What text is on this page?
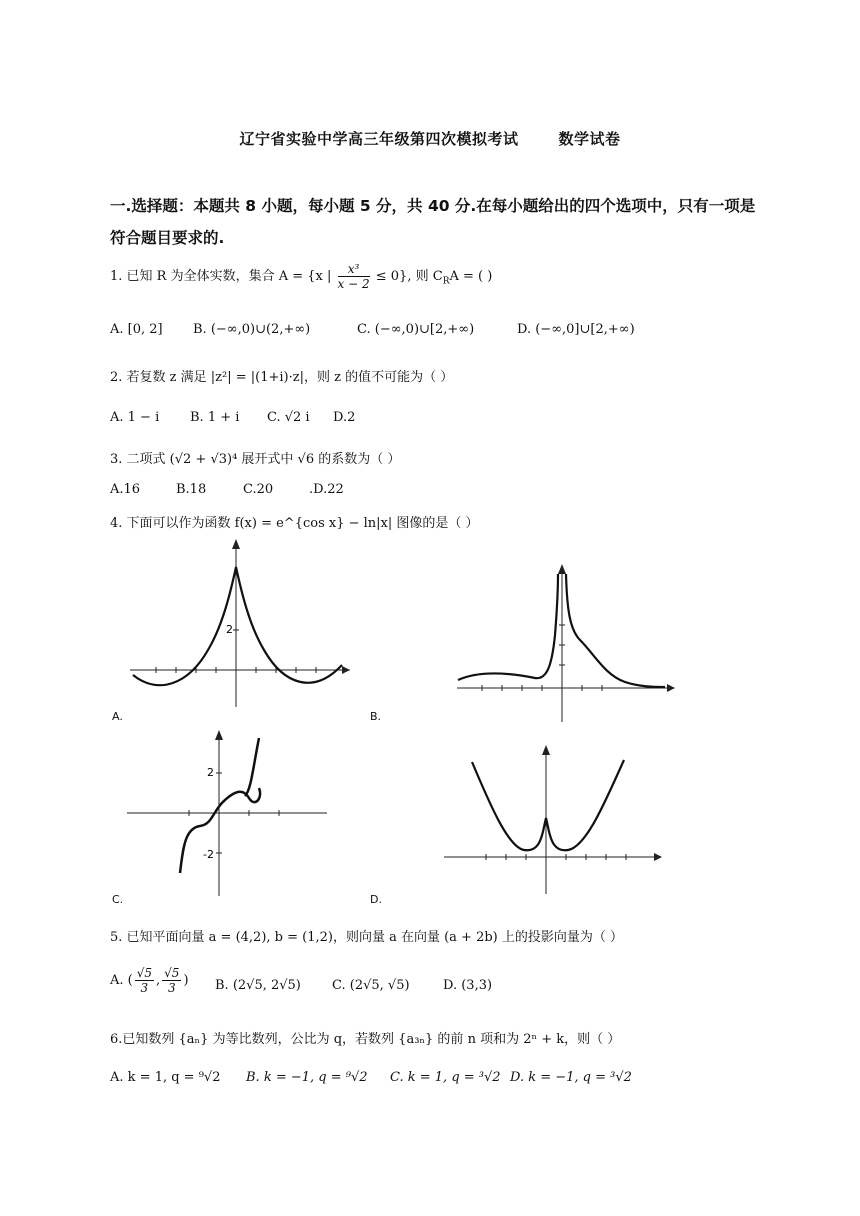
辽宁省实验中学高三年级第四次模拟考试	数学试卷
一.选择题：本题共 8 小题，每小题 5 分，共 40 分.在每小题给出的四个选项中，只有一项是符合题目要求的.
1. 已知 R 为全体实数，集合 A = {x | $\frac{\text{x³}}{x - 2} \le 0$}, 则 $C_RA$ = ( )
A. [0, 2] B. (−∞,0)∪(2,+∞)	C. (−∞,0)∪[2,+∞)	D. (−∞,0]∪[2,+∞)
2. 若复数 z 满足 |z²| = |(1+i)·z|，则 z 的值不可能为（ ）
A. 1 − i B. 1 + i C. √2 i D.2
3. 二项式 (√2 + √3)⁴ 展开式中 √6 的系数为（ ）
A.16	B.18	C.20	.D.22
4. 下面可以作为函数 f(x) = e^{cos x} − ln|x| 图像的是（ ）
2
A.	B.
2
-2
C.	D.
5. 已知平面向量 a = (4,2), b = (1,2)，则向量 a 在向量 (a + 2b) 上的投影向量为（ ）
A. ( $\frac{√5}{3}$ , $\frac{√5}{3}$ ) B. (2√5, 2√5) C. (2√5, √5)	D. (3,3)
6.已知数列 {aₙ} 为等比数列，公比为 q，若数列 {a₃ₙ} 的前 n 项和为 2ⁿ + k，则（ ）
A. k = 1, q = ⁹√2 B. k = −1, q = ⁹√2 C. k = 1, q = ³√2 D. k = −1, q = ³√2
